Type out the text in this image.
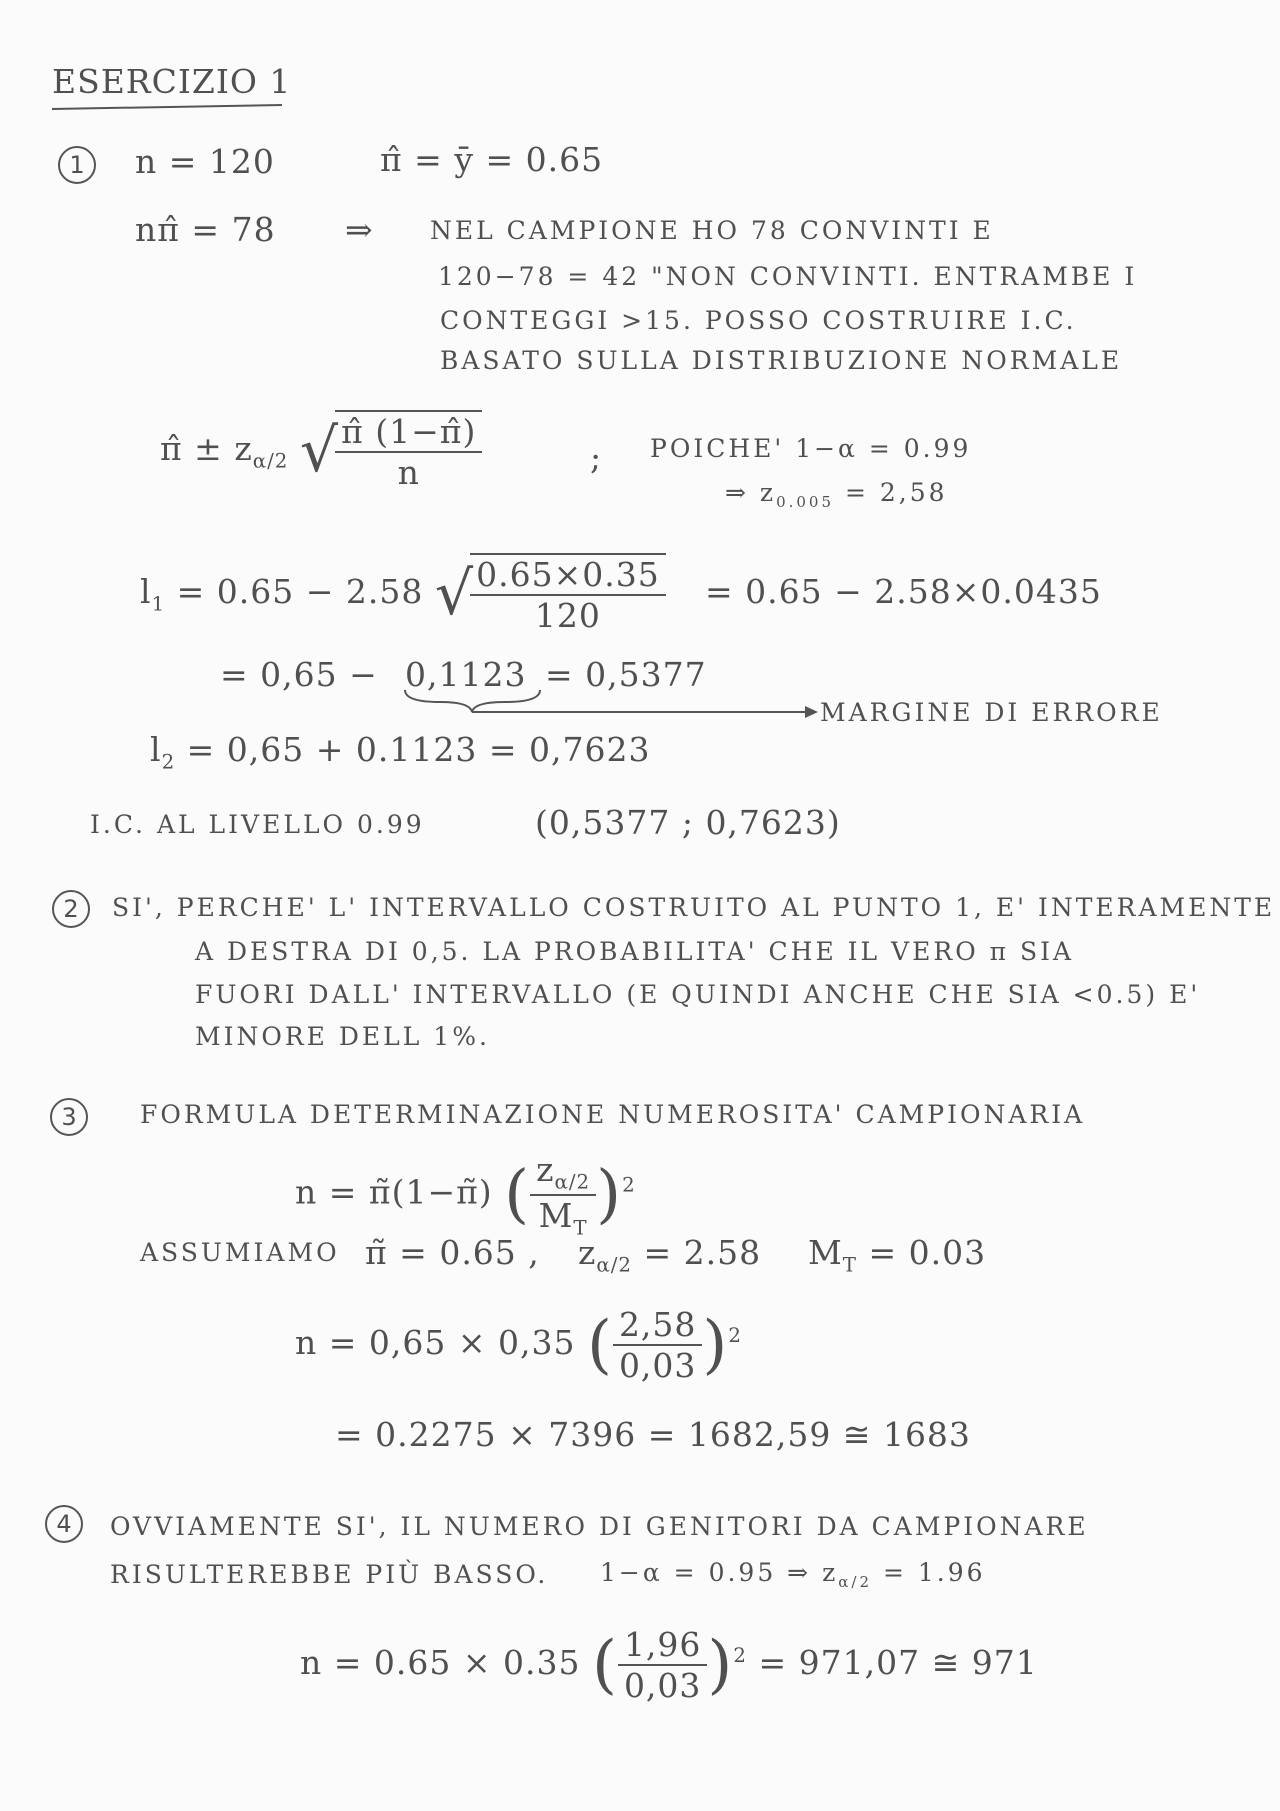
ESERCIZIO 1
1	n = 120	π̂ = ȳ = 0.65
nπ̂ = 78 ⇒ NEL CAMPIONE HO 78 CONVINTI E
120−78 = 42 "NON CONVINTI. ENTRAMBE I
CONTEGGI >15. POSSO COSTRUIRE I.C.
BASATO SULLA DISTRIBUZIONE NORMALE
π̂ ± $z_{\alpha/2}$ √
$\frac{\pî (1-\pî)}{n}$	; POICHE' 1−α = 0.99
⇒ $z_{0.005} = 2,58$
$l_1 = 0.65 - 2.58$ √
$\frac{0.65\times 0.35}{120} = 0.65 - 2.58\times 0.0435$
= 0,65 − 0,1123 = 0,5377
MARGINE DI ERRORE
$l_2 = 0,65 + 0.1123 = 0,7623$
I.C. AL LIVELLO 0.99	(0,5377 ; 0,7623)
2	SI', PERCHE' L' INTERVALLO COSTRUITO AL PUNTO 1, E' INTERAMENTE
A DESTRA DI 0,5. LA PROBABILITA' CHE IL VERO π SIA
FUORI DALL' INTERVALLO (E QUINDI ANCHE CHE SIA <0.5) E'
MINORE DELL 1%.
3	FORMULA DETERMINAZIONE NUMEROSITA' CAMPIONARIA
n = π̃(1−π̃) ( $\frac{z_{\alpha/2}}{M_T} )^2$
ASSUMIAMO π̃ = 0.65 , $z_{\alpha/2} = 2.58$ $M_T = 0.03$
n = 0,65 × 0,35 ( $\frac{2,58}{0,03} )^2$
= 0.2275 × 7396 = 1682,59 ≅ 1683
4	OVVIAMENTE SI', IL NUMERO DI GENITORI DA CAMPIONARE
RISULTEREBBE PIÙ BASSO. 1−α = 0.95 ⇒ $z_{\alpha/2} = 1.96$
n = 0.65 × 0.35 ( $\frac{1,96}{0,03} )^2 = 971,07$ ≅ 971
